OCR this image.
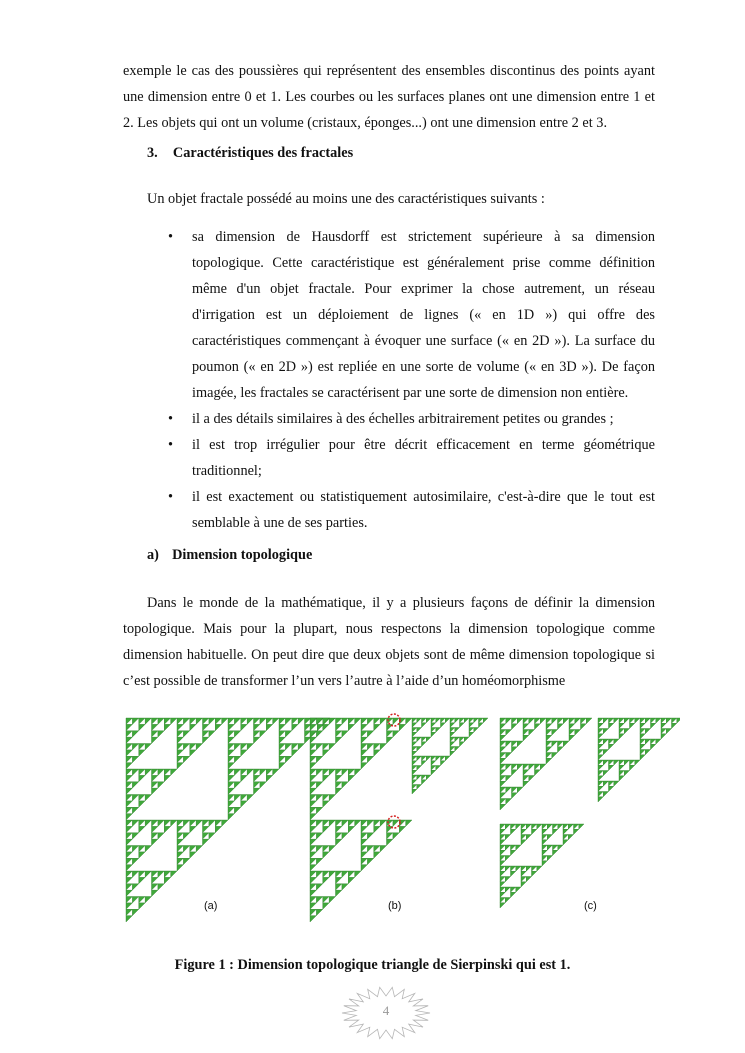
exemple le cas des poussières qui représentent des ensembles discontinus des points ayant une dimension entre 0 et 1. Les courbes ou les surfaces planes ont une dimension entre 1 et 2. Les objets qui ont un volume (cristaux, éponges...) ont une dimension entre 2 et 3.
3. Caractéristiques des fractales
Un objet fractale possédé au moins une des caractéristiques suivants :
• sa dimension de Hausdorff est strictement supérieure à sa dimension topologique. Cette caractéristique est généralement prise comme définition même d'un objet fractale. Pour exprimer la chose autrement, un réseau d'irrigation est un déploiement de lignes (« en 1D ») qui offre des caractéristiques commençant à évoquer une surface (« en 2D »). La surface du poumon (« en 2D ») est repliée en une sorte de volume (« en 3D »). De façon imagée, les fractales se caractérisent par une sorte de dimension non entière.
• il a des détails similaires à des échelles arbitrairement petites ou grandes ;
• il est trop irrégulier pour être décrit efficacement en terme géométrique traditionnel;
• il est exactement ou statistiquement autosimilaire, c'est-à-dire que le tout est semblable à une de ses parties.
a) Dimension topologique
Dans le monde de la mathématique, il y a plusieurs façons de définir la dimension topologique. Mais pour la plupart, nous respectons la dimension topologique comme dimension habituelle. On peut dire que deux objets sont de même dimension topologique si c’est possible de transformer l’un vers l’autre à l’aide d’un homéomorphisme
(a)	(b)	(c)
Figure 1 : Dimension topologique triangle de Sierpinski qui est 1.
4
